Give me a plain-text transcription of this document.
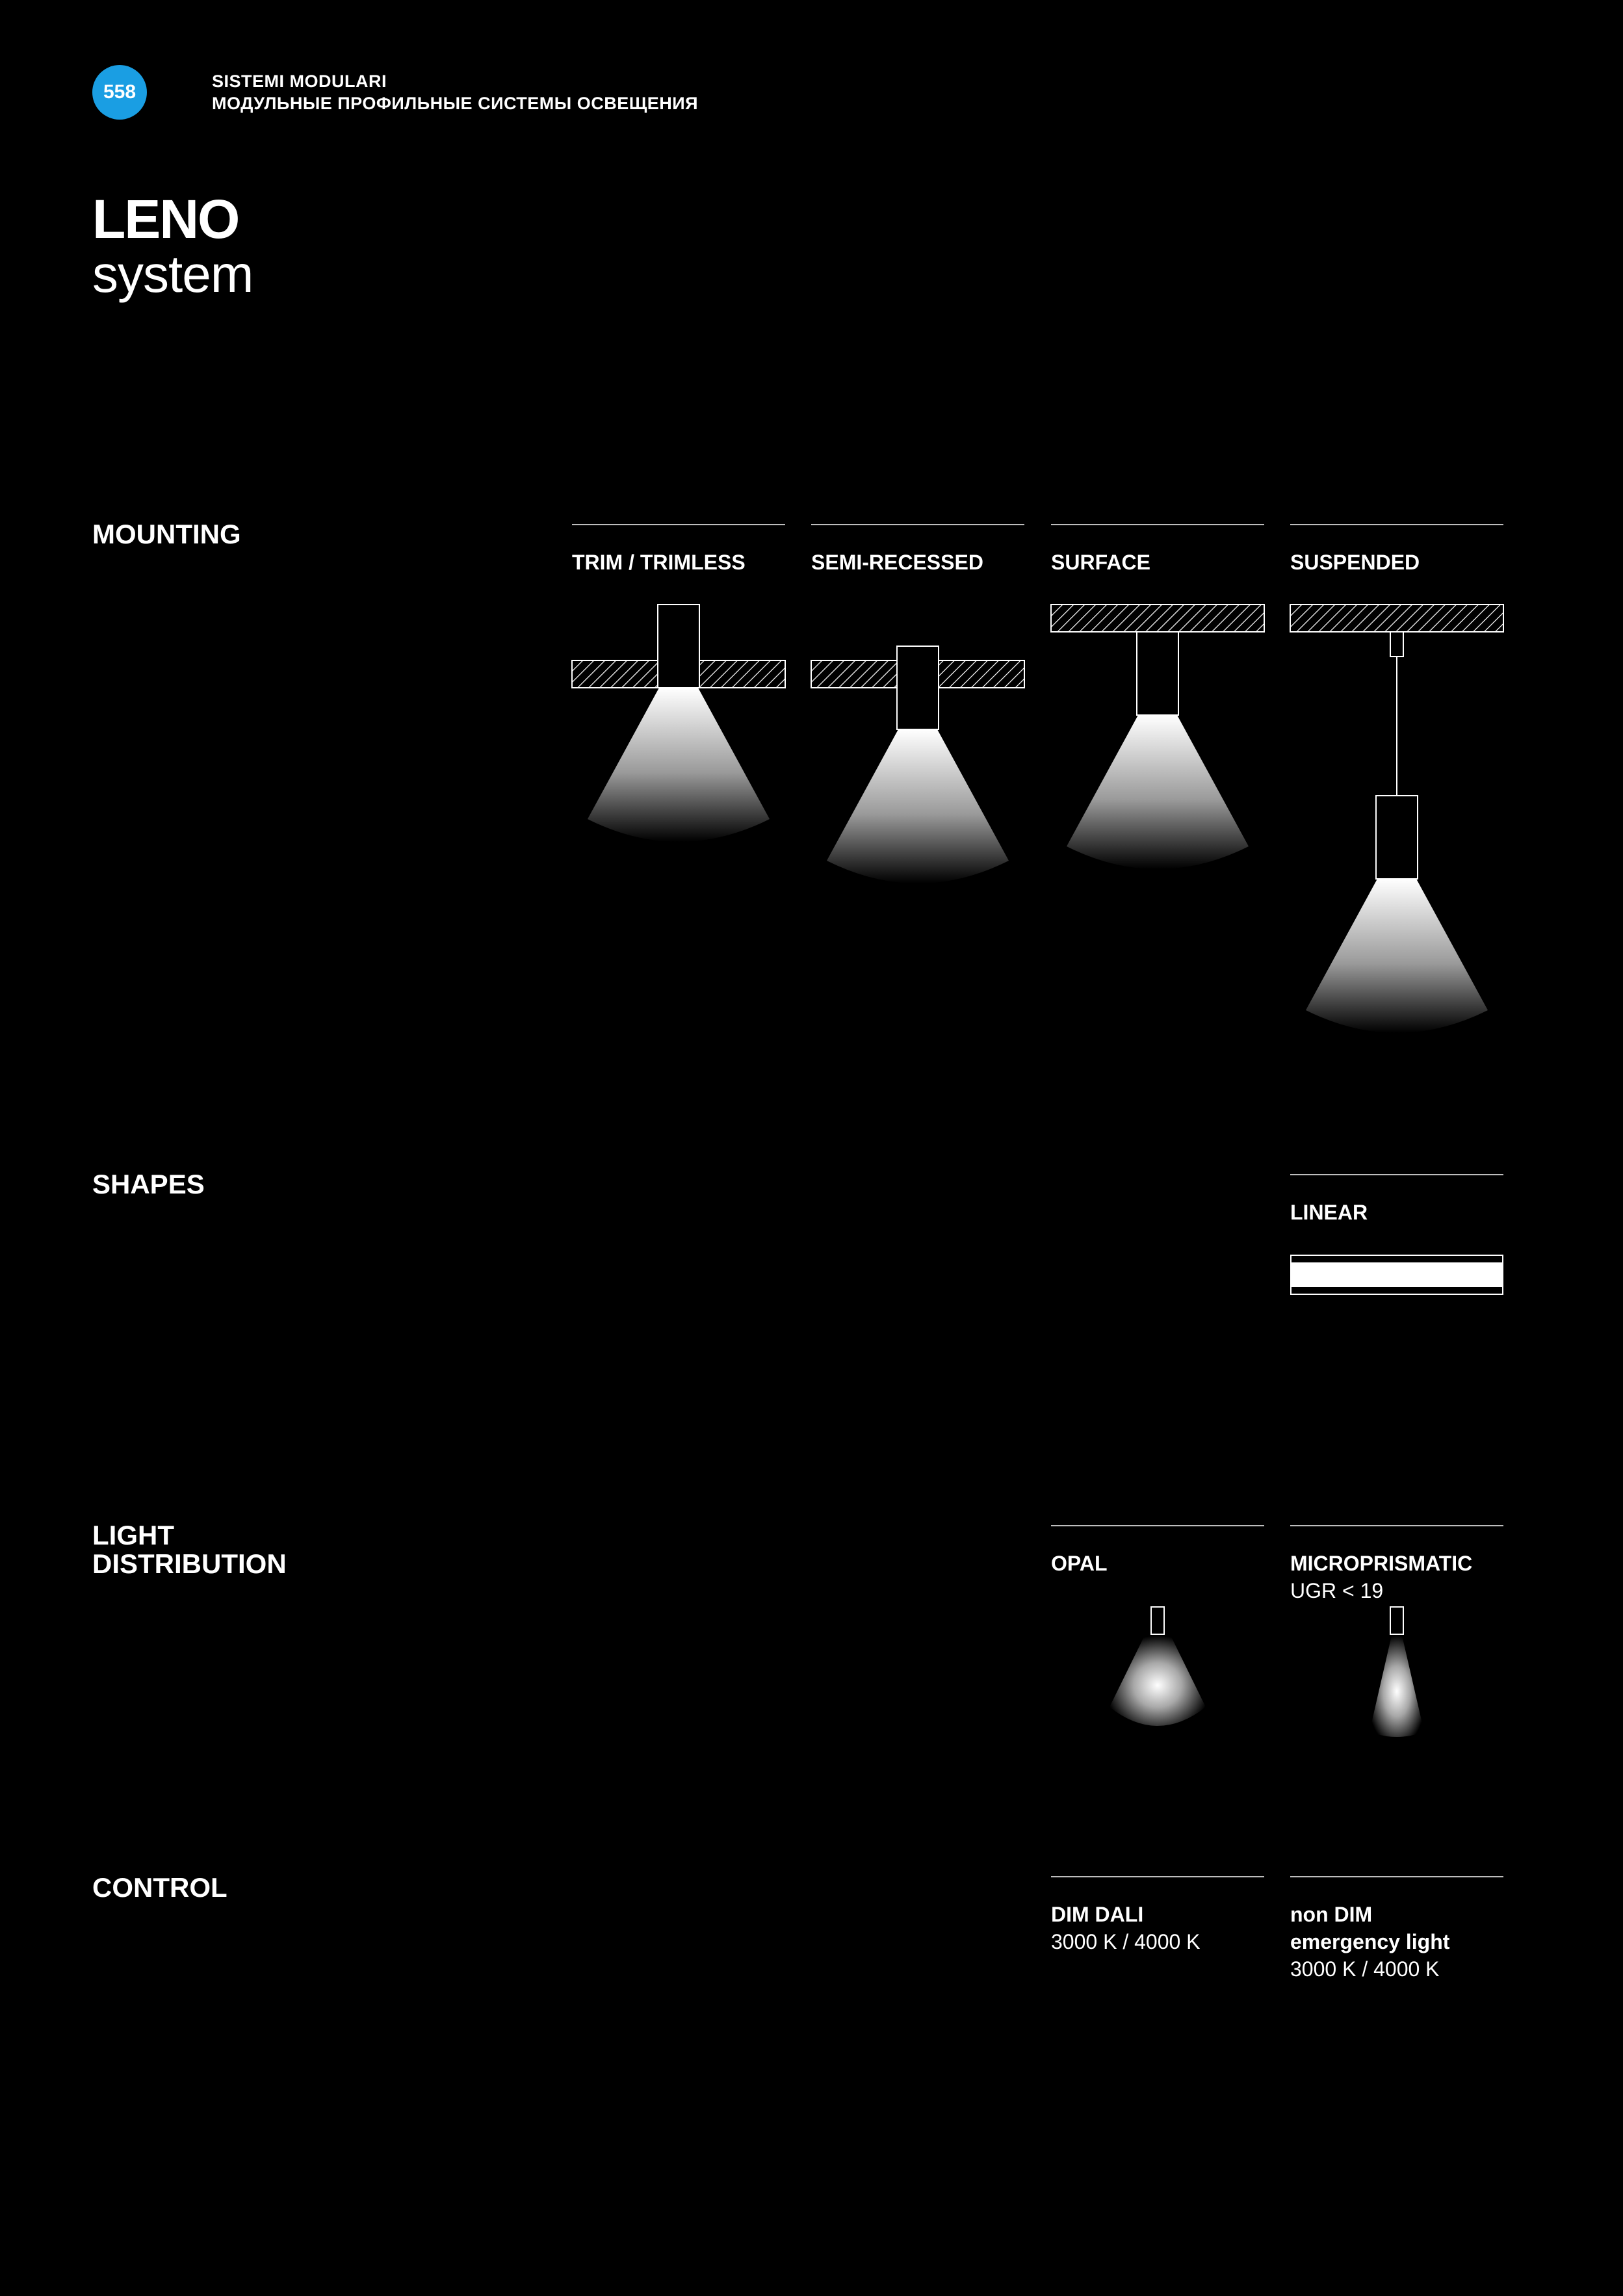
558	SISTEMI MODULARI
МОДУЛЬНЫЕ ПРОФИЛЬНЫЕ СИСТЕМЫ ОСВЕЩЕНИЯ
LENO
system
MOUNTING
TRIM / TRIMLESS	SEMI-RECESSED	SURFACE	SUSPENDED
SHAPES
LINEAR
LIGHT
DISTRIBUTION	OPAL	MICROPRISMATIC
UGR < 19
CONTROL
DIM DALI
3000 K / 4000 K
non DIM
emergency light
3000 K / 4000 K
